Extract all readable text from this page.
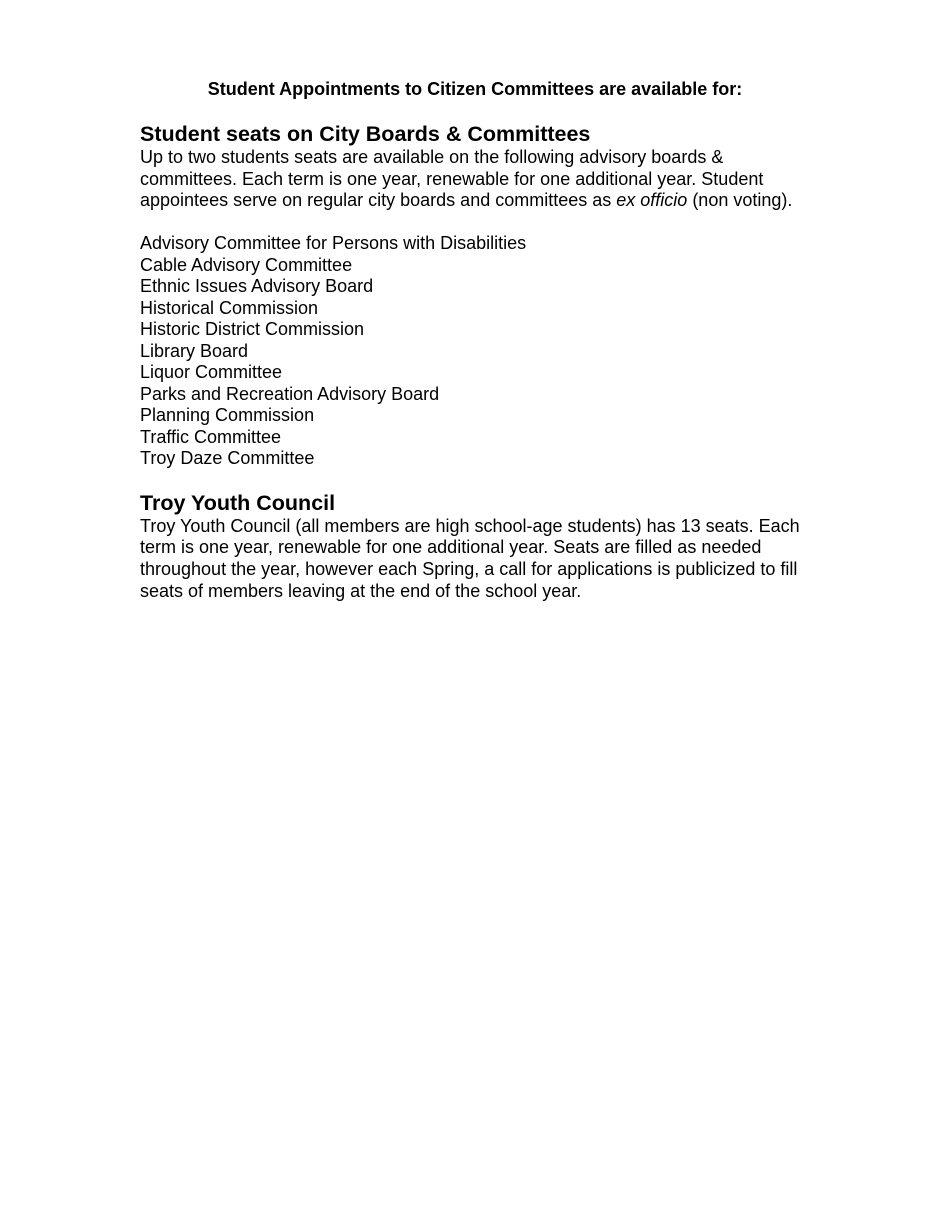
Student Appointments to Citizen Committees are available for:
Student seats on City Boards & Committees

Up to two students seats are available on the following advisory boards & committees. Each term is one year, renewable for one additional year. Student appointees serve on regular city boards and committees as ex officio (non voting).

Advisory Committee for Persons with Disabilities
Cable Advisory Committee
Ethnic Issues Advisory Board
Historical Commission
Historic District Commission
Library Board
Liquor Committee
Parks and Recreation Advisory Board
Planning Commission
Traffic Committee
Troy Daze Committee
Troy Youth Council

Troy Youth Council (all members are high school-age students) has 13 seats. Each term is one year, renewable for one additional year. Seats are filled as needed throughout the year, however each Spring, a call for applications is publicized to fill seats of members leaving at the end of the school year.
